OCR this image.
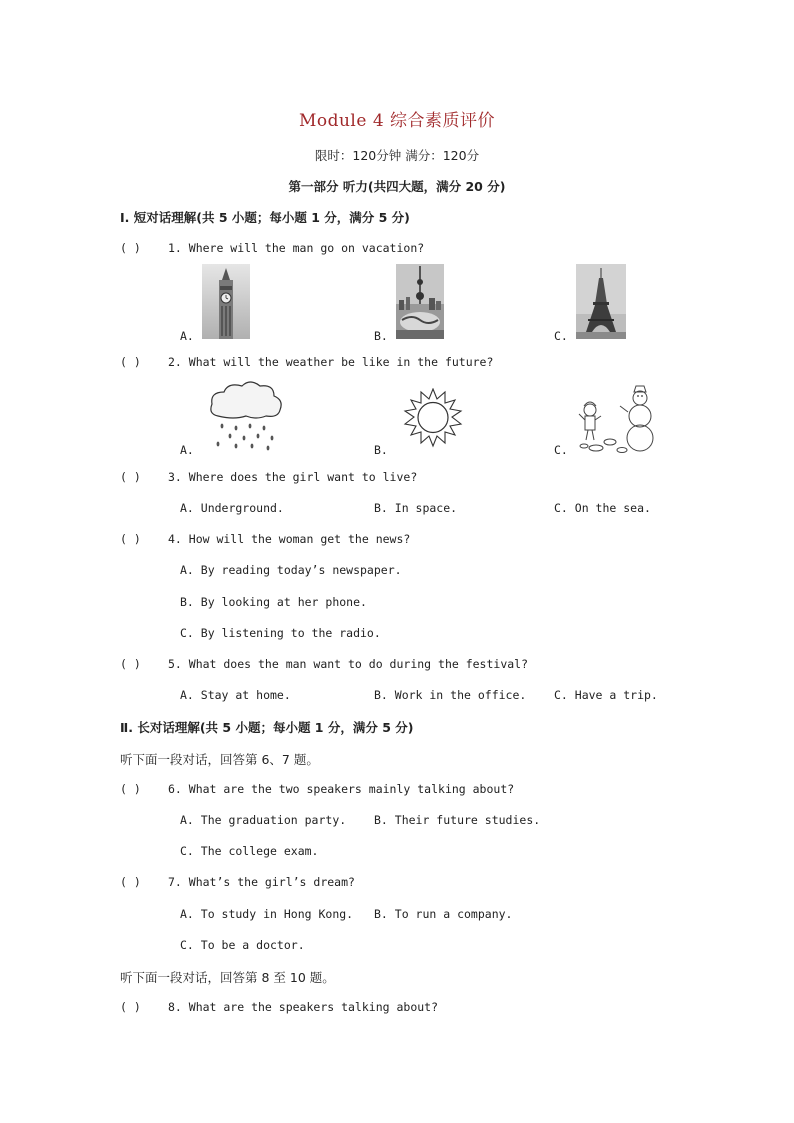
Module 4 综合素质评价
限时：120分钟 满分：120分
第一部分 听力(共四大题，满分 20 分)
Ⅰ. 短对话理解(共 5 小题；每小题 1 分，满分 5 分)
( ) 1. Where will the man go on vacation?
A.	B.	C.
( ) 2. What will the weather be like in the future?
A.	B.	C.
( ) 3. Where does the girl want to live?
A. Underground.	B. In space.	C. On the sea.
( ) 4. How will the woman get the news?
A. By reading today’s newspaper.
B. By looking at her phone.
C. By listening to the radio.
( ) 5. What does the man want to do during the festival?
A. Stay at home.	B. Work in the office. C. Have a trip.
Ⅱ. 长对话理解(共 5 小题；每小题 1 分，满分 5 分)
听下面一段对话，回答第 6、7 题。
( ) 6. What are the two speakers mainly talking about?
A. The graduation party. B. Their future studies.
C. The college exam.
( ) 7. What’s the girl’s dream?
A. To study in Hong Kong. B. To run a company.
C. To be a doctor.
听下面一段对话，回答第 8 至 10 题。
( ) 8. What are the speakers talking about?
